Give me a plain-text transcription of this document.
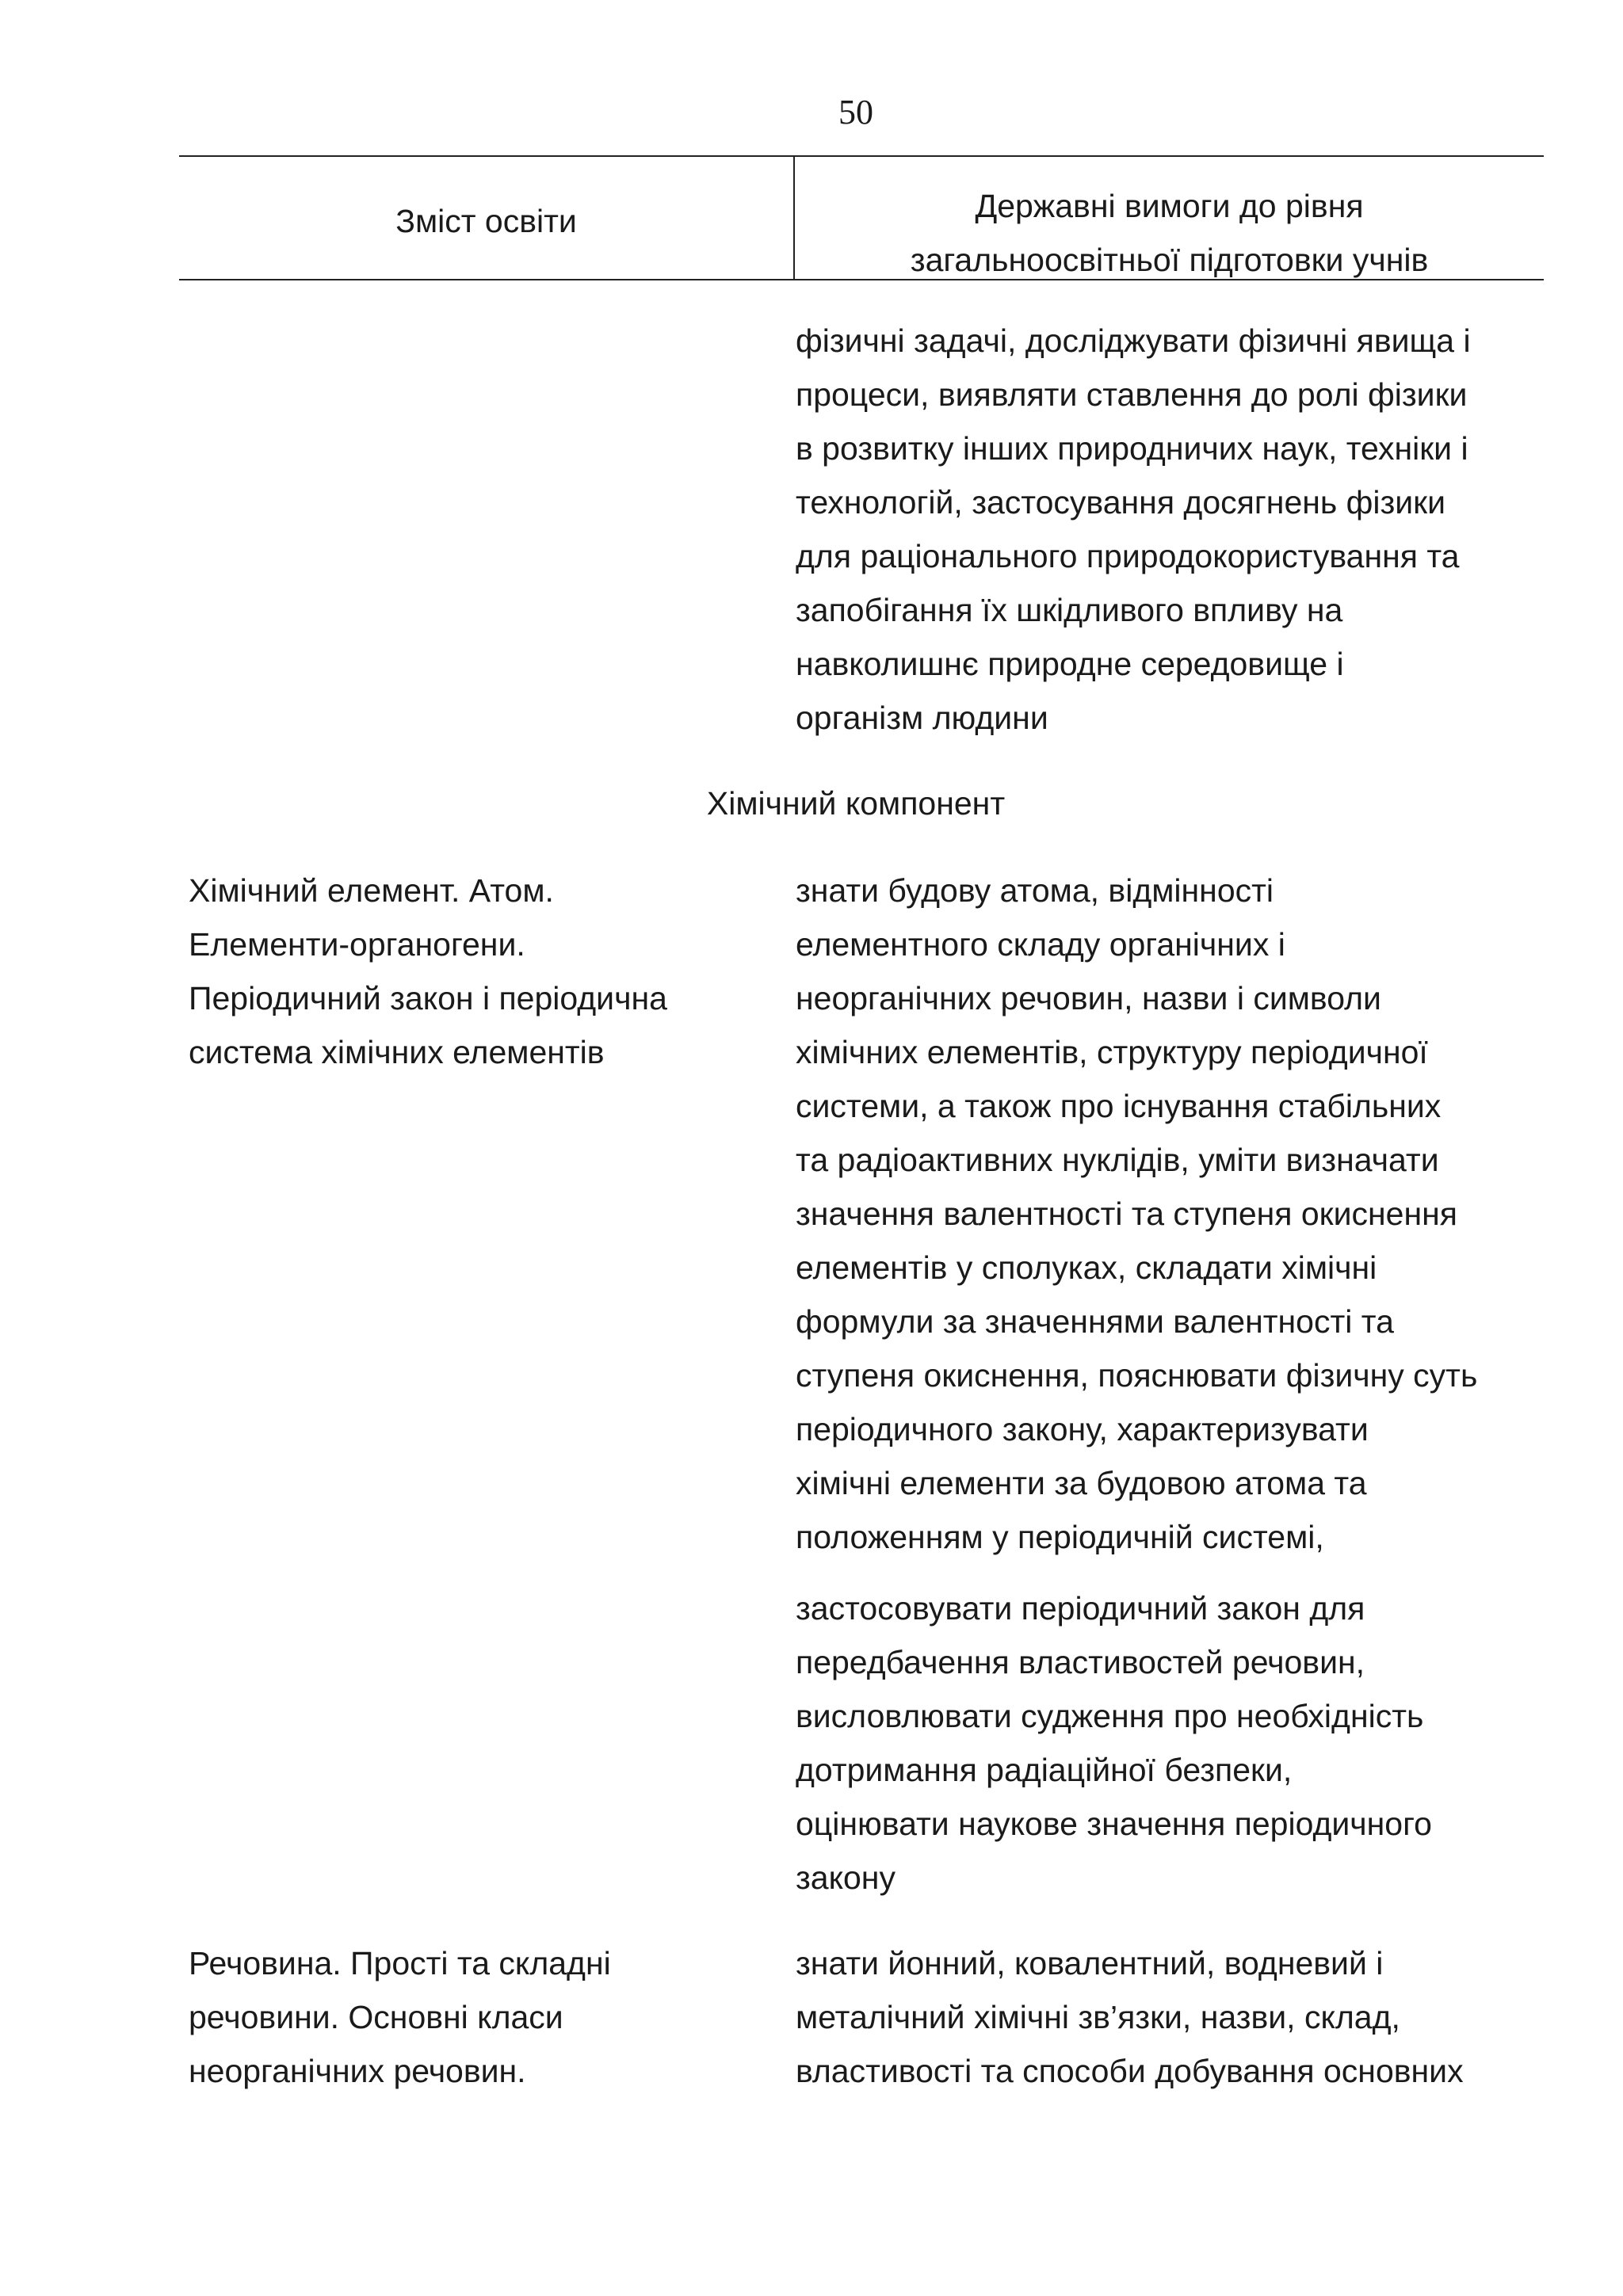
50
Зміст освіти	Державні вимоги до рівня
загальноосвітньої підготовки учнів
фізичні задачі, досліджувати фізичні явища і
процеси, виявляти ставлення до ролі фізики
в розвитку інших природничих наук, техніки і
технологій, застосування досягнень фізики
для раціонального природокористування та
запобігання їх шкідливого впливу на
навколишнє природне середовище і
організм людини
Хімічний компонент
Хімічний елемент. Атом.
Елементи-органогени.
Періодичний закон і періодична
система хімічних елементів
знати будову атома, відмінності
елементного складу органічних і
неорганічних речовин, назви і символи
хімічних елементів, структуру періодичної
системи, а також про існування стабільних
та радіоактивних нуклідів, уміти визначати
значення валентності та ступеня окиснення
елементів у сполуках, складати хімічні
формули за значеннями валентності та
ступеня окиснення, пояснювати фізичну суть
періодичного закону, характеризувати
хімічні елементи за будовою атома та
положенням у періодичній системі,
застосовувати періодичний закон для
передбачення властивостей речовин,
висловлювати судження про необхідність
дотримання радіаційної безпеки,
оцінювати наукове значення періодичного
закону
Речовина. Прості та складні
речовини. Основні класи
неорганічних речовин.
знати йонний, ковалентний, водневий і
металічний хімічні зв’язки, назви, склад,
властивості та способи добування основних
